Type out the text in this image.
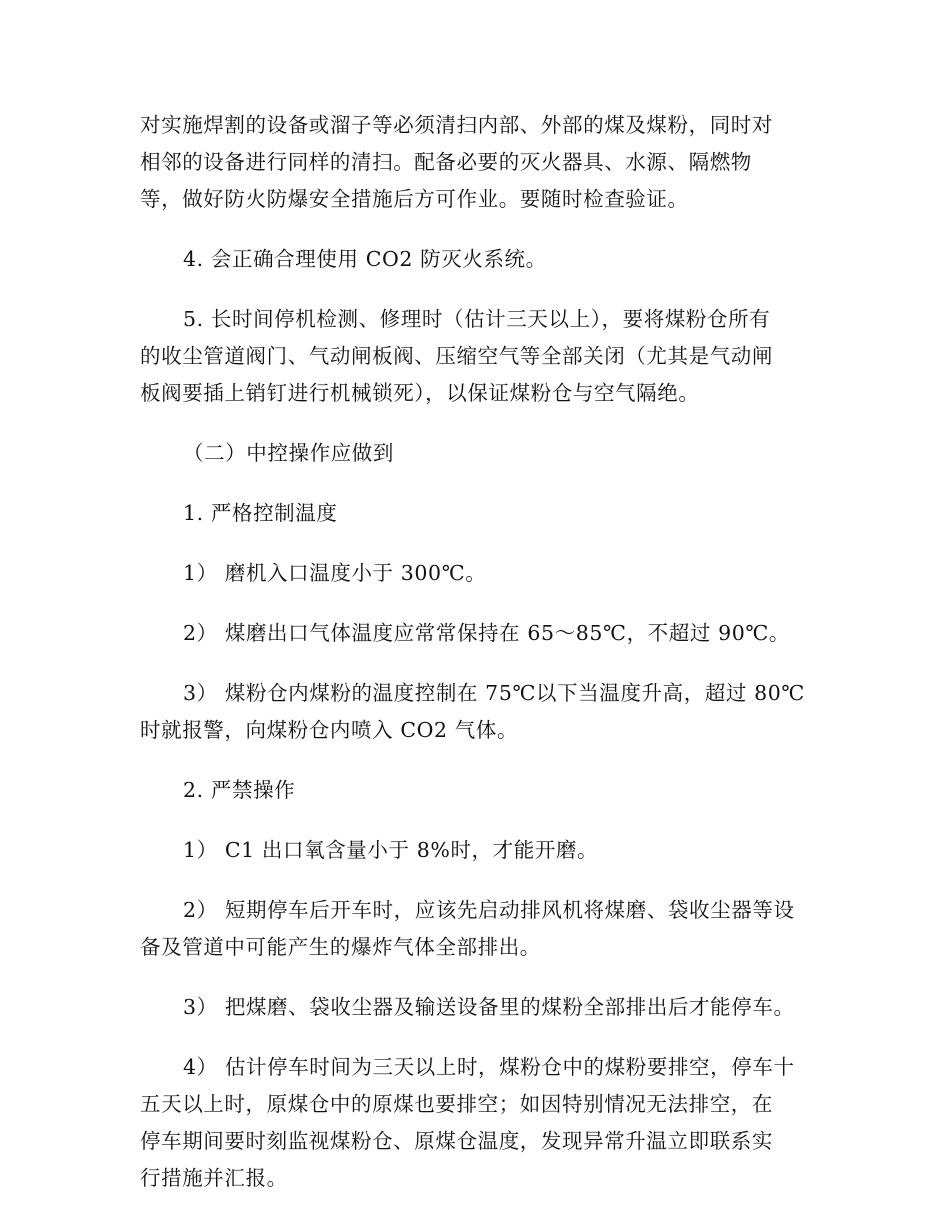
对实施焊割的设备或溜子等必须清扫内部、外部的煤及煤粉，同时对
相邻的设备进行同样的清扫。配备必要的灭火器具、水源、隔燃物
等，做好防火防爆安全措施后方可作业。要随时检查验证。

4. 会正确合理使用 CO2 防灭火系统。

5. 长时间停机检测、修理时（估计三天以上），要将煤粉仓所有
的收尘管道阀门、气动闸板阀、压缩空气等全部关闭（尤其是气动闸
板阀要插上销钉进行机械锁死），以保证煤粉仓与空气隔绝。

（二）中控操作应做到

1. 严格控制温度

1） 磨机入口温度小于 300℃。

2） 煤磨出口气体温度应常常保持在 65～85℃，不超过 90℃。

3） 煤粉仓内煤粉的温度控制在 75℃以下当温度升高，超过 80℃
时就报警，向煤粉仓内喷入 CO2 气体。

2. 严禁操作

1） C1 出口氧含量小于 8%时，才能开磨。

2） 短期停车后开车时，应该先启动排风机将煤磨、袋收尘器等设
备及管道中可能产生的爆炸气体全部排出。

3） 把煤磨、袋收尘器及输送设备里的煤粉全部排出后才能停车。

4） 估计停车时间为三天以上时，煤粉仓中的煤粉要排空，停车十
五天以上时，原煤仓中的原煤也要排空；如因特别情况无法排空，在
停车期间要时刻监视煤粉仓、原煤仓温度，发现异常升温立即联系实
行措施并汇报。
